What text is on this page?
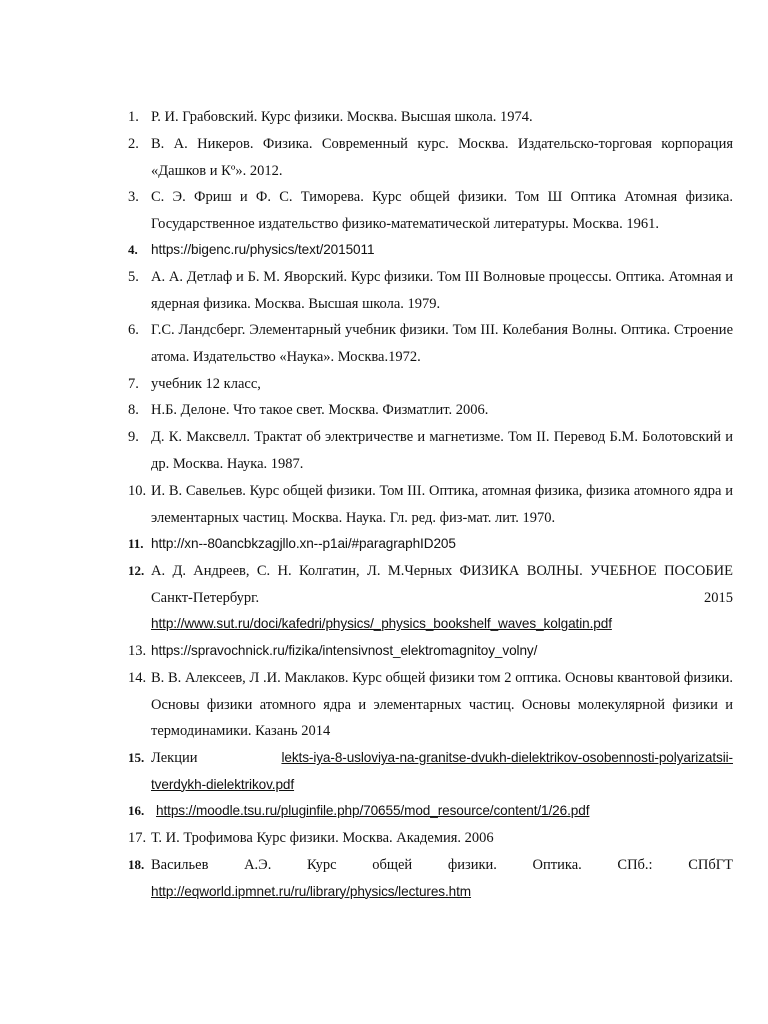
1. Р. И. Грабовский. Курс физики. Москва. Высшая школа. 1974.
2. В. А. Никеров. Физика. Современный курс. Москва. Издательско-торговая корпорация «Дашков и Кº». 2012.
3. С. Э. Фриш и Ф. С. Тиморева. Курс общей физики. Том Ш Оптика Атомная физика. Государственное издательство физико-математической литературы. Москва. 1961.
4. https://bigenc.ru/physics/text/2015011
5. А. А. Детлаф и Б. М. Яворский. Курс физики. Том III Волновые процессы. Оптика. Атомная и ядерная физика. Москва. Высшая школа. 1979.
6. Г.С. Ландсберг. Элементарный учебник физики. Том III. Колебания Волны. Оптика. Строение атома. Издательство «Наука». Москва.1972.
7. учебник 12 класс,
8. Н.Б. Делоне. Что такое свет. Москва. Физматлит. 2006.
9. Д. К. Максвелл. Трактат об электричестве и магнетизме. Том II. Перевод Б.М. Болотовский и др. Москва. Наука. 1987.
10. И. В. Савельев. Курс общей физики. Том III. Оптика, атомная физика, физика атомного ядра и элементарных частиц. Москва. Наука. Гл. ред. физ-мат. лит. 1970.
11. http://xn--80ancbkzagjllo.xn--p1ai/#paragraphID205
12. А. Д. Андреев, С. Н. Колгатин, Л. М.Черных ФИЗИКА ВОЛНЫ. УЧЕБНОЕ ПОСОБИЕ
Санкт-Петербург.	2015
http://www.sut.ru/doci/kafedri/physics/_physics_bookshelf_waves_kolgatin.pdf
13. https://spravochnick.ru/fizika/intensivnost_elektromagnitoy_volny/
14. В. В. Алексеев, Л .И. Маклаков. Курс общей физики том 2 оптика. Основы квантовой физики. Основы физики атомного ядра и элементарных частиц. Основы молекулярной физики и термодинамики. Казань 2014
15. Лекции	lekts-iya-8-usloviya-na-granitse-dvukh-dielektrikov-osobennosti-polyarizatsii-
tverdykh-dielektrikov.pdf
16. https://moodle.tsu.ru/pluginfile.php/70655/mod_resource/content/1/26.pdf
17. Т. И. Трофимова Курс физики. Москва. Академия. 2006
18. Васильев А.Э. Курс общей физики. Оптика. СПб.: СПбГТ
http://eqworld.ipmnet.ru/ru/library/physics/lectures.htm
